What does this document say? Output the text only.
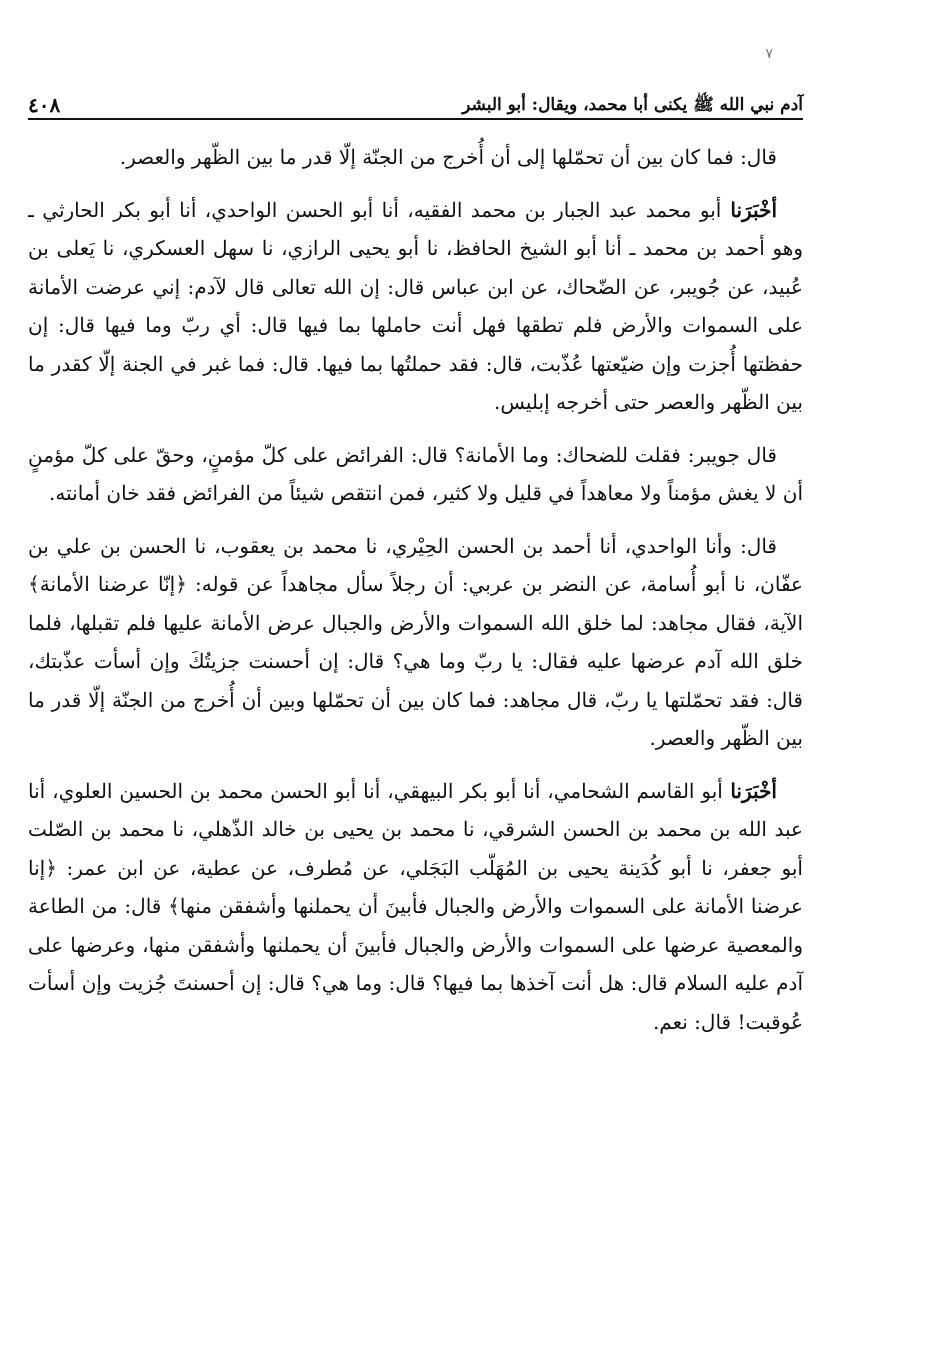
٧
آدم نبي الله ﷺ يكنى أبا محمد، ويقال: أبو البشر
٤٠٨

قال: فما كان بين أن تحمّلها إلى أن أُخرج من الجنّة إلّا قدر ما بين الظّهر والعصر.

أخْبَرَنا أبو محمد عبد الجبار بن محمد الفقيه، أنا أبو الحسن الواحدي، أنا أبو بكر الحارثي ـ وهو أحمد بن محمد ـ أنا أبو الشيخ الحافظ، نا أبو يحيى الرازي، نا سهل العسكري، نا يَعلى بن عُبيد، عن جُويبر، عن الضّحاك، عن ابن عباس قال: إن الله تعالى قال لآدم: إني عرضت الأمانة على السموات والأرض فلم تطقها فهل أنت حاملها بما فيها قال: أي ربّ وما فيها قال: إن حفظتها أُجزت وإن ضيّعتها عُذّبت، قال: فقد حملتُها بما فيها. قال: فما غبر في الجنة إلّا كقدر ما بين الظّهر والعصر حتى أخرجه إبليس.

قال جويبر: فقلت للضحاك: وما الأمانة؟ قال: الفرائض على كلّ مؤمنٍ، وحقّ على كلّ مؤمنٍ أن لا يغش مؤمناً ولا معاهداً في قليل ولا كثير، فمن انتقص شيئاً من الفرائض فقد خان أمانته.

قال: وأنا الواحدي، أنا أحمد بن الحسن الحِيْري، نا محمد بن يعقوب، نا الحسن بن علي بن عفّان، نا أبو أُسامة، عن النضر بن عربي: أن رجلاً سأل مجاهداً عن قوله: ﴿إنّا عرضنا الأمانة﴾ الآية، فقال مجاهد: لما خلق الله السموات والأرض والجبال عرض الأمانة عليها فلم تقبلها، فلما خلق الله آدم عرضها عليه فقال: يا ربّ وما هي؟ قال: إن أحسنت جزيتُكَ وإن أسأت عذّبتك، قال: فقد تحمّلتها يا ربّ، قال مجاهد: فما كان بين أن تحمّلها وبين أن أُخرج من الجنّة إلّا قدر ما بين الظّهر والعصر.

أخْبَرَنا أبو القاسم الشحامي، أنا أبو بكر البيهقي، أنا أبو الحسن محمد بن الحسين العلوي، أنا عبد الله بن محمد بن الحسن الشرقي، نا محمد بن يحيى بن خالد الذّهلي، نا محمد بن الصّلت أبو جعفر، نا أبو كُدَينة يحيى بن المُهَلّب البَجَلي، عن مُطرف، عن عطية، عن ابن عمر: ﴿إنا عرضنا الأمانة على السموات والأرض والجبال فأبينَ أن يحملنها وأشفقن منها﴾ قال: من الطاعة والمعصية عرضها على السموات والأرض والجبال فأبينَ أن يحملنها وأشفقن منها، وعرضها على آدم عليه السلام قال: هل أنت آخذها بما فيها؟ قال: وما هي؟ قال: إن أحسنتَ جُزيت وإن أسأت عُوقبت! قال: نعم.
